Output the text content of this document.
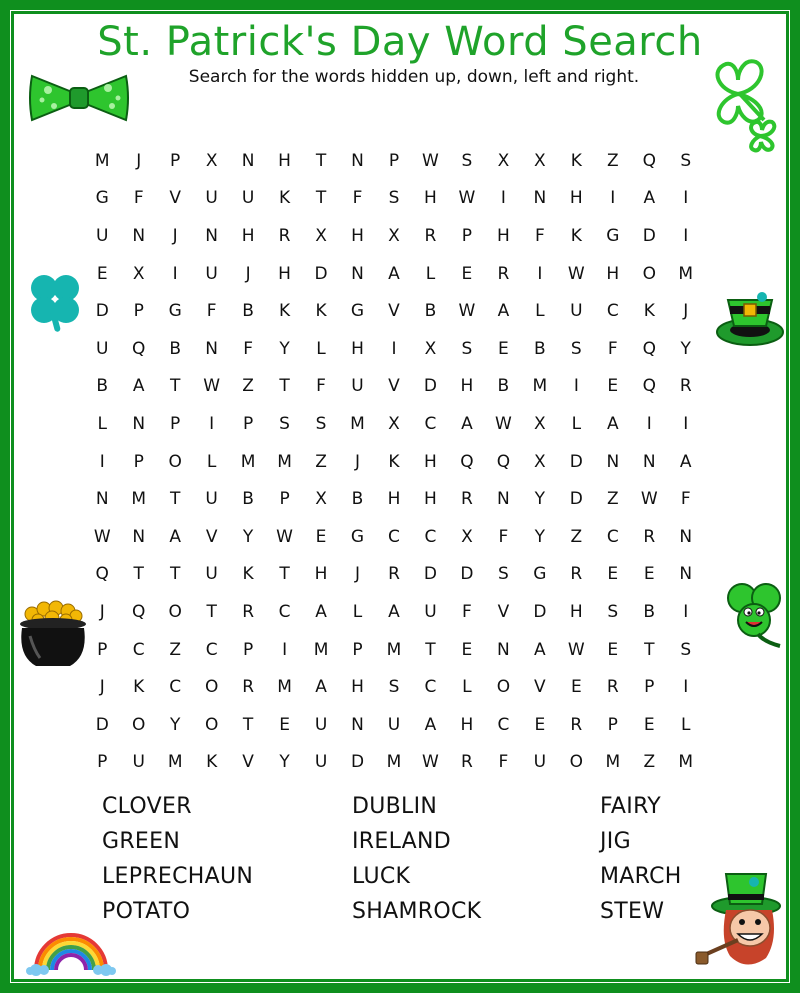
St. Patrick's Day Word Search
Search for the words hidden up, down, left and right.
M	J	P	X	N	H	T	N	P	W	S	X	X	K	Z	Q	S
G	F	V	U	U	K	T	F	S	H	W	I	N	H	I	A	I
U	N	J	N	H	R	X	H	X	R	P	H	F	K	G	D	I
E	X	I	U	J	H	D	N	A	L	E	R	I	W	H	O	M
D	P	G	F	B	K	K	G	V	B	W	A	L	U	C	K	J
U	Q	B	N	F	Y	L	H	I	X	S	E	B	S	F	Q	Y
B	A	T	W	Z	T	F	U	V	D	H	B	M	I	E	Q	R
L	N	P	I	P	S	S	M	X	C	A	W	X	L	A	I	I
I	P	O	L	M	M	Z	J	K	H	Q	Q	X	D	N	N	A
N	M	T	U	B	P	X	B	H	H	R	N	Y	D	Z	W	F
W	N	A	V	Y	W	E	G	C	C	X	F	Y	Z	C	R	N
Q	T	T	U	K	T	H	J	R	D	D	S	G	R	E	E	N
J	Q	O	T	R	C	A	L	A	U	F	V	D	H	S	B	I
P	C	Z	C	P	I	M	P	M	T	E	N	A	W	E	T	S
J	K	C	O	R	M	A	H	S	C	L	O	V	E	R	P	I
D	O	Y	O	T	E	U	N	U	A	H	C	E	R	P	E	L
P	U	M	K	V	Y	U	D	M	W	R	F	U	O	M	Z	M
CLOVER	DUBLIN	FAIRY
GREEN	IRELAND	JIG
LEPRECHAUN	LUCK	MARCH
POTATO	SHAMROCK	STEW
